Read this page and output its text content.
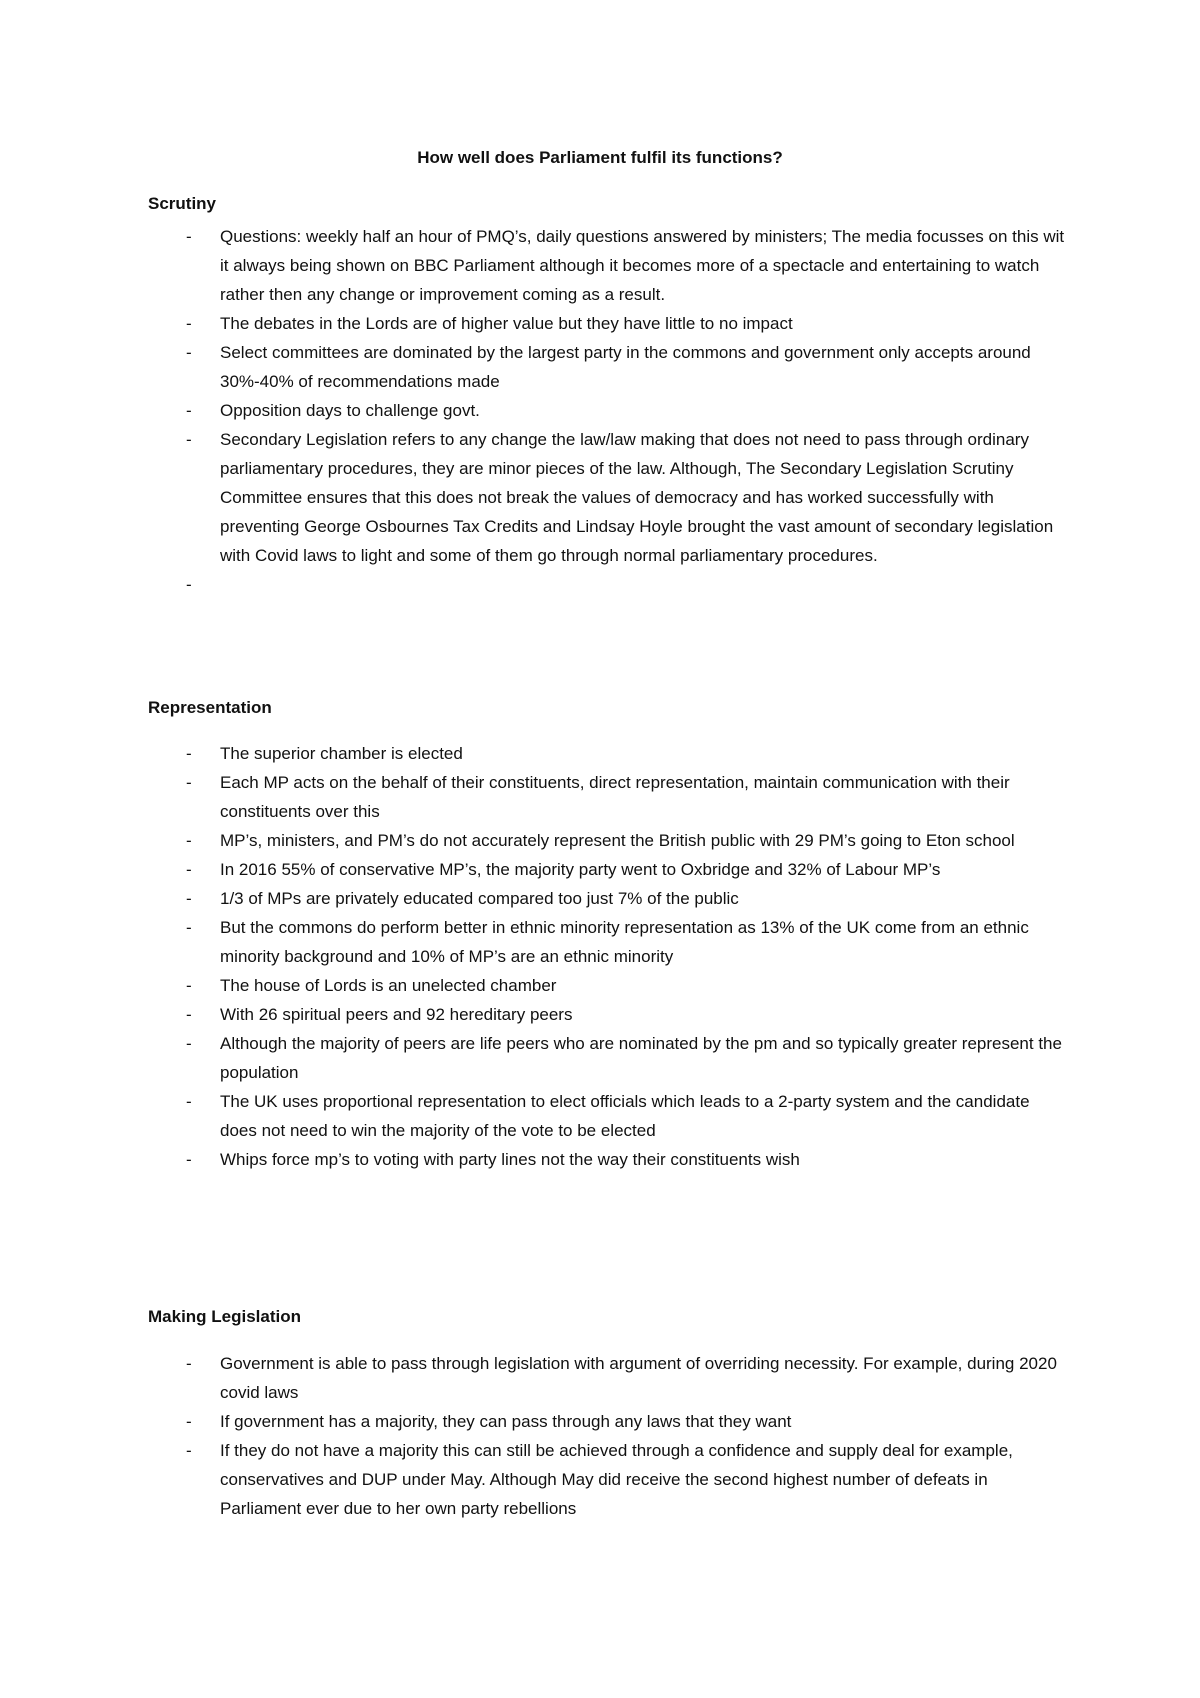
How well does Parliament fulfil its functions?
Scrutiny
- Questions: weekly half an hour of PMQ’s, daily questions answered by ministers; The media focusses on this wit it always being shown on BBC Parliament although it becomes more of a spectacle and entertaining to watch rather then any change or improvement coming as a result.
- The debates in the Lords are of higher value but they have little to no impact
- Select committees are dominated by the largest party in the commons and government only accepts around 30%-40% of recommendations made
- Opposition days to challenge govt.
- Secondary Legislation refers to any change the law/law making that does not need to pass through ordinary parliamentary procedures, they are minor pieces of the law. Although, The Secondary Legislation Scrutiny Committee ensures that this does not break the values of democracy and has worked successfully with preventing George Osbournes Tax Credits and Lindsay Hoyle brought the vast amount of secondary legislation with Covid laws to light and some of them go through normal parliamentary procedures.
-
Representation
- The superior chamber is elected
- Each MP acts on the behalf of their constituents, direct representation, maintain communication with their constituents over this
- MP’s, ministers, and PM’s do not accurately represent the British public with 29 PM’s going to Eton school
- In 2016 55% of conservative MP’s, the majority party went to Oxbridge and 32% of Labour MP’s
- 1/3 of MPs are privately educated compared too just 7% of the public
- But the commons do perform better in ethnic minority representation as 13% of the UK come from an ethnic minority background and 10% of MP’s are an ethnic minority
- The house of Lords is an unelected chamber
- With 26 spiritual peers and 92 hereditary peers
- Although the majority of peers are life peers who are nominated by the pm and so typically greater represent the population
- The UK uses proportional representation to elect officials which leads to a 2-party system and the candidate does not need to win the majority of the vote to be elected
- Whips force mp’s to voting with party lines not the way their constituents wish
Making Legislation
- Government is able to pass through legislation with argument of overriding necessity. For example, during 2020 covid laws
- If government has a majority, they can pass through any laws that they want
- If they do not have a majority this can still be achieved through a confidence and supply deal for example, conservatives and DUP under May. Although May did receive the second highest number of defeats in Parliament ever due to her own party rebellions
